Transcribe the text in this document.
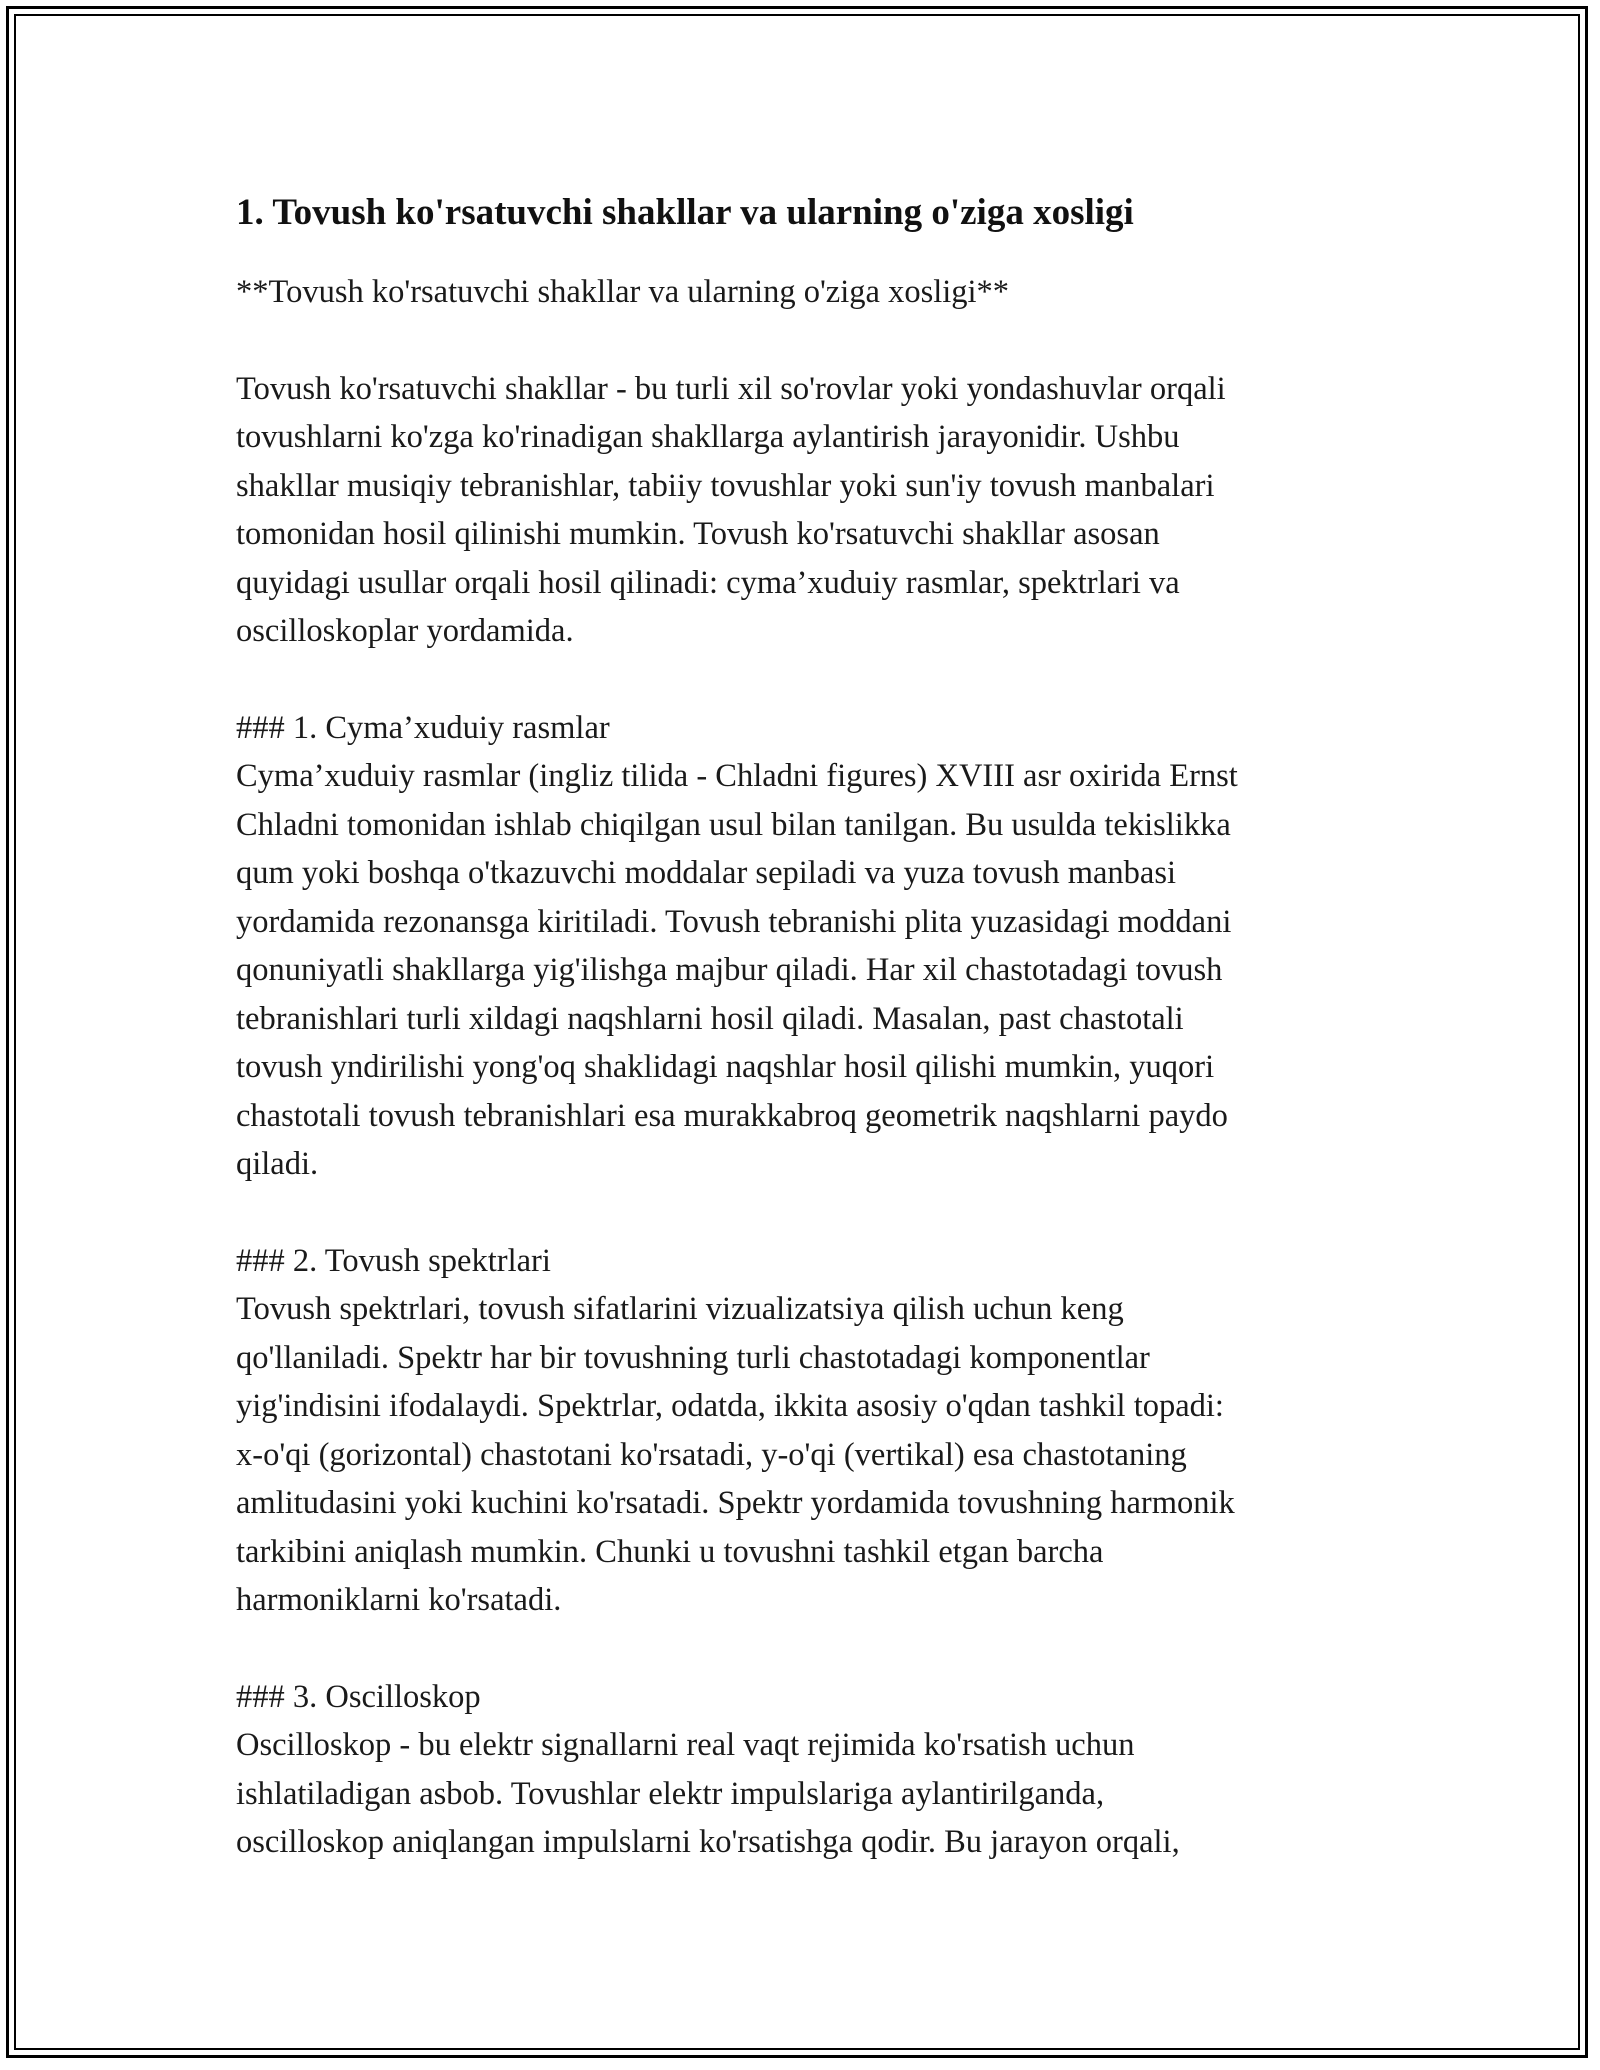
1. Tovush ko'rsatuvchi shakllar va ularning o'ziga xosligi

**Tovush ko'rsatuvchi shakllar va ularning o'ziga xosligi**

Tovush ko'rsatuvchi shakllar - bu turli xil so'rovlar yoki yondashuvlar orqali
tovushlarni ko'zga ko'rinadigan shakllarga aylantirish jarayonidir. Ushbu
shakllar musiqiy tebranishlar, tabiiy tovushlar yoki sun'iy tovush manbalari
tomonidan hosil qilinishi mumkin. Tovush ko'rsatuvchi shakllar asosan
quyidagi usullar orqali hosil qilinadi: cyma’xuduiy rasmlar, spektrlari va
oscilloskoplar yordamida.

### 1. Cyma’xuduiy rasmlar

Cyma’xuduiy rasmlar (ingliz tilida - Chladni figures) XVIII asr oxirida Ernst
Chladni tomonidan ishlab chiqilgan usul bilan tanilgan. Bu usulda tekislikka
qum yoki boshqa o'tkazuvchi moddalar sepiladi va yuza tovush manbasi
yordamida rezonansga kiritiladi. Tovush tebranishi plita yuzasidagi moddani
qonuniyatli shakllarga yig'ilishga majbur qiladi. Har xil chastotadagi tovush
tebranishlari turli xildagi naqshlarni hosil qiladi. Masalan, past chastotali
tovush yndirilishi yong'oq shaklidagi naqshlar hosil qilishi mumkin, yuqori
chastotali tovush tebranishlari esa murakkabroq geometrik naqshlarni paydo
qiladi.

### 2. Tovush spektrlari

Tovush spektrlari, tovush sifatlarini vizualizatsiya qilish uchun keng
qo'llaniladi. Spektr har bir tovushning turli chastotadagi komponentlar
yig'indisini ifodalaydi. Spektrlar, odatda, ikkita asosiy o'qdan tashkil topadi:
x-o'qi (gorizontal) chastotani ko'rsatadi, y-o'qi (vertikal) esa chastotaning
amlitudasini yoki kuchini ko'rsatadi. Spektr yordamida tovushning harmonik
tarkibini aniqlash mumkin. Chunki u tovushni tashkil etgan barcha
harmoniklarni ko'rsatadi.

### 3. Oscilloskop

Oscilloskop - bu elektr signallarni real vaqt rejimida ko'rsatish uchun
ishlatiladigan asbob. Tovushlar elektr impulslariga aylantirilganda,
oscilloskop aniqlangan impulslarni ko'rsatishga qodir. Bu jarayon orqali,
